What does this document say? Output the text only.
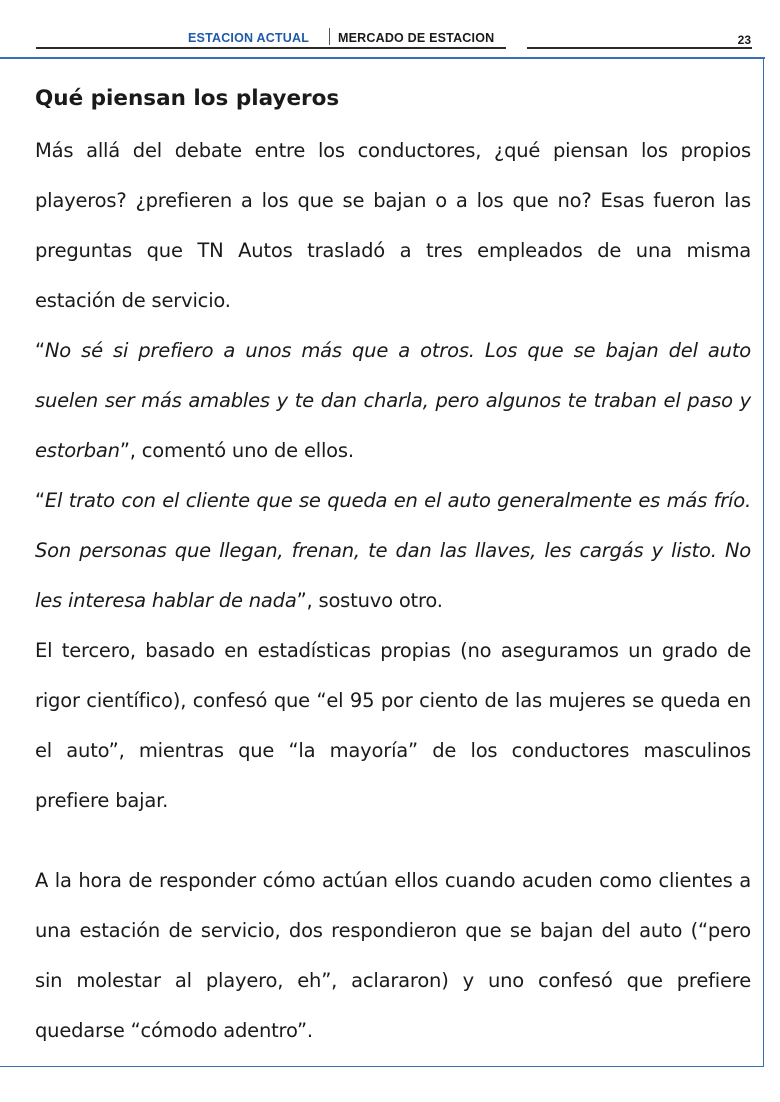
ESTACION ACTUAL MERCADO DE ESTACION	23
Qué piensan los playeros

Más allá del debate entre los conductores, ¿qué piensan los propios playeros? ¿prefieren a los que se bajan o a los que no? Esas fueron las preguntas que TN Autos trasladó a tres empleados de una misma estación de servicio.

“No sé si prefiero a unos más que a otros. Los que se bajan del auto suelen ser más amables y te dan charla, pero algunos te traban el paso y estorban”, comentó uno de ellos.

“El trato con el cliente que se queda en el auto generalmente es más frío. Son personas que llegan, frenan, te dan las llaves, les cargás y listo. No les interesa hablar de nada”, sostuvo otro.

El tercero, basado en estadísticas propias (no aseguramos un grado de rigor científico), confesó que “el 95 por ciento de las mujeres se queda en el auto”, mientras que “la mayoría” de los conductores masculinos prefiere bajar.

A la hora de responder cómo actúan ellos cuando acuden como clientes a una estación de servicio, dos respondieron que se bajan del auto (“pero sin molestar al playero, eh”, aclararon) y uno confesó que prefiere quedarse “cómodo adentro”.
